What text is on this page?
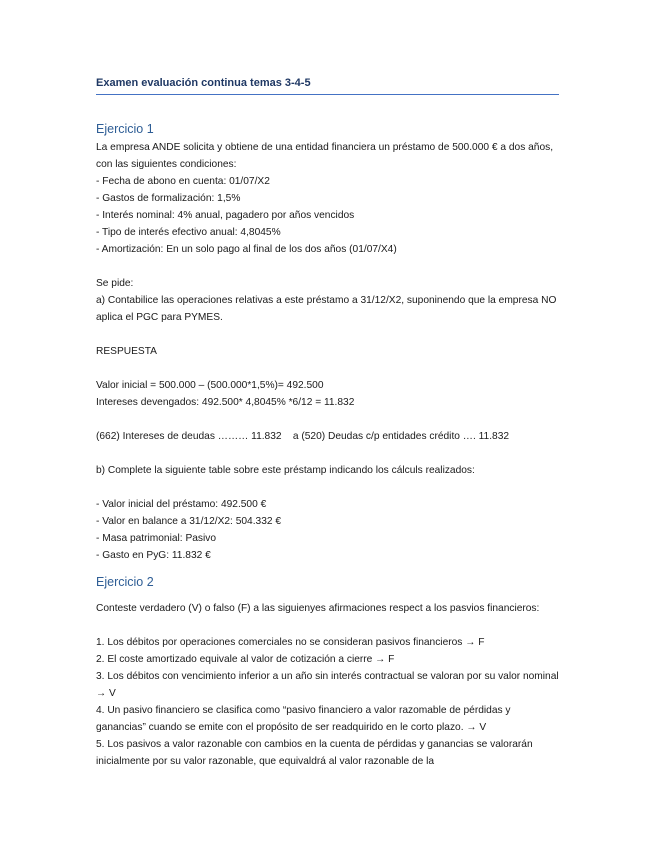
Examen evaluación continua temas 3-4-5
Ejercicio 1
La empresa ANDE solicita y obtiene de una entidad financiera un préstamo de 500.000 € a dos años, con las siguientes condiciones:
- Fecha de abono en cuenta: 01/07/X2
- Gastos de formalización: 1,5%
- Interés nominal: 4% anual, pagadero por años vencidos
- Tipo de interés efectivo anual: 4,8045%
- Amortización: En un solo pago al final de los dos años (01/07/X4)
Se pide:
a) Contabilice las operaciones relativas a este préstamo a 31/12/X2, suponinendo que la empresa NO aplica el PGC para PYMES.
RESPUESTA
Valor inicial = 500.000 – (500.000*1,5%)= 492.500
Intereses devengados: 492.500* 4,8045% *6/12 = 11.832
(662) Intereses de deudas ……… 11.832    a (520) Deudas c/p entidades crédito …. 11.832
b) Complete la siguiente table sobre este préstamp indicando los cálculs realizados:
- Valor inicial del préstamo: 492.500 €
- Valor en balance a 31/12/X2: 504.332 €
- Masa patrimonial: Pasivo
- Gasto en PyG: 11.832 €
Ejercicio 2
Conteste verdadero (V) o falso (F) a las siguienyes afirmaciones respect a los pasvios financieros:
1. Los débitos por operaciones comerciales no se consideran pasivos financieros → F
2. El coste amortizado equivale al valor de cotización a cierre → F
3. Los débitos con vencimiento inferior a un año sin interés contractual se valoran por su valor nominal → V
4. Un pasivo financiero se clasifica como “pasivo financiero a valor razomable de pérdidas y ganancias” cuando se emite con el propósito de ser readquirido en le corto plazo. → V
5. Los pasivos a valor razonable con cambios en la cuenta de pérdidas y ganancias se valorarán inicialmente por su valor razonable, que equivaldrá al valor razonable de la
